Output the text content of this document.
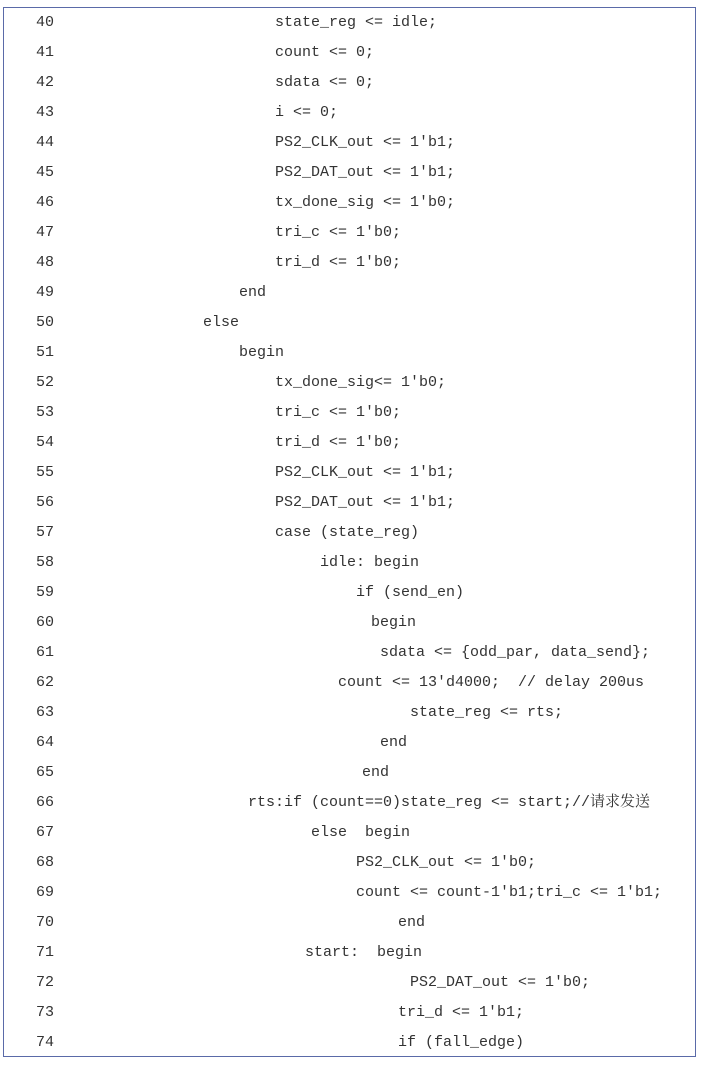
40	state_reg <= idle;
41	count <= 0;
42	sdata <= 0;
43	i <= 0;
44	PS2_CLK_out <= 1'b1;
45	PS2_DAT_out <= 1'b1;
46	tx_done_sig <= 1'b0;
47	tri_c <= 1'b0;
48	tri_d <= 1'b0;
49	end
50	else
51	begin
52	tx_done_sig<= 1'b0;
53	tri_c <= 1'b0;
54	tri_d <= 1'b0;
55	PS2_CLK_out <= 1'b1;
56	PS2_DAT_out <= 1'b1;
57	case (state_reg)
58	idle: begin
59	if (send_en)
60	begin
61	sdata <= {odd_par, data_send};
62	count <= 13'd4000;  // delay 200us
63	state_reg <= rts;
64	end
65	end
66	rts:if (count==0)state_reg <= start;//请求发送
67	else  begin
68	PS2_CLK_out <= 1'b0;
69	count <= count-1'b1;tri_c <= 1'b1;
70	end
71	start:  begin
72	PS2_DAT_out <= 1'b0;
73	tri_d <= 1'b1;
74	if (fall_edge)
